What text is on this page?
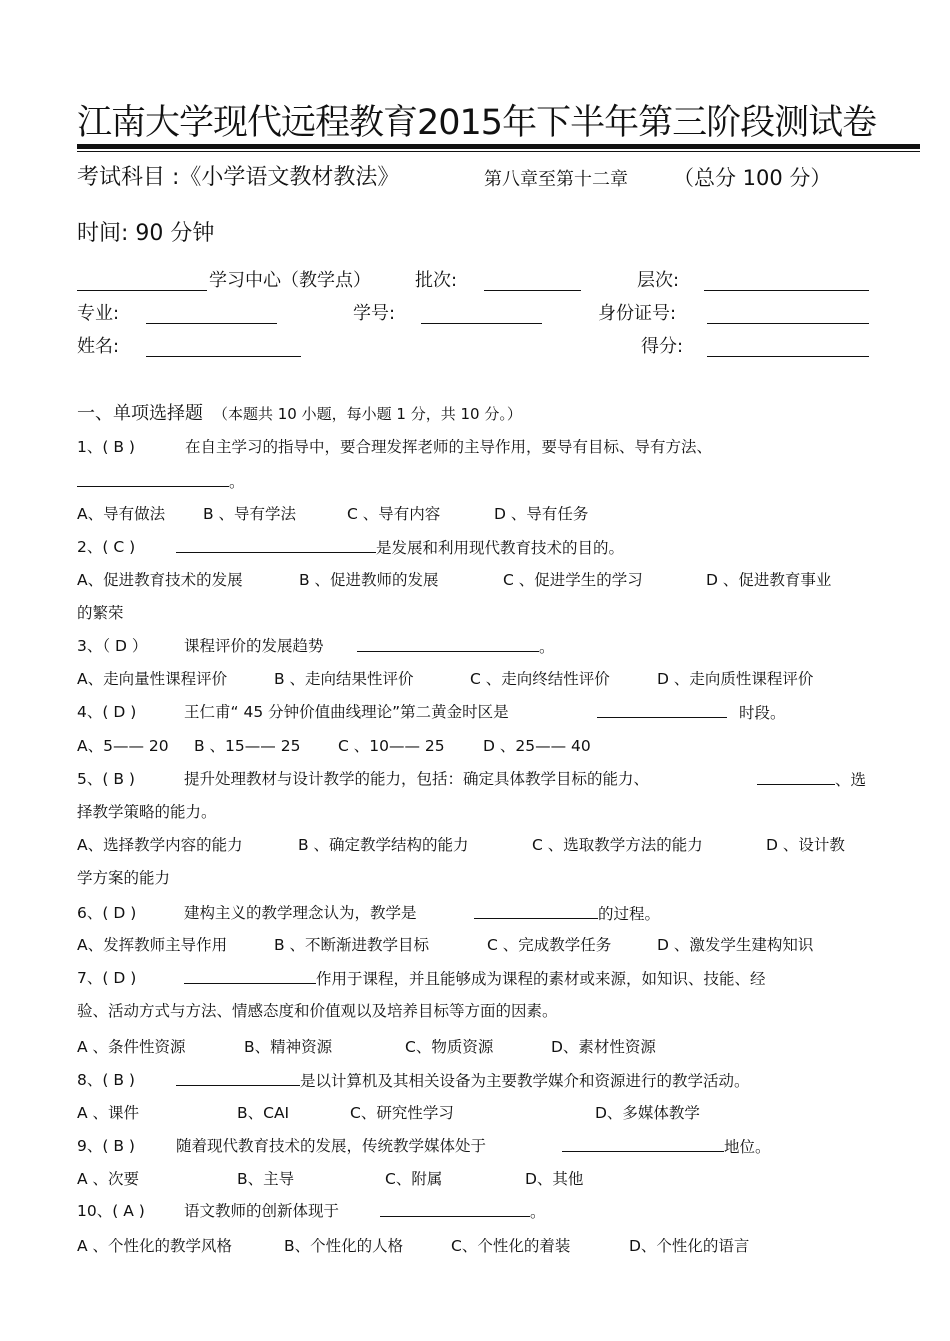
江南大学现代远程教育2015年下半年第三阶段测试卷
考试科目 :《小学语文教材教法》	第八章至第十二章 （总分 100 分）
时间: 90 分钟
学习中心（教学点） 批次:	层次:
专业:	学号:	身份证号:
姓名:	得分:
一、单项选择题 （本题共 10 小题，每小题 1 分，共 10 分。）
1、( B )	在自主学习的指导中，要合理发挥老师的主导作用，要导有目标、导有方法、
。
A、导有做法 B 、导有学法	C 、导有内容	D 、导有任务
2、( C )	是发展和利用现代教育技术的目的。
A、促进教育技术的发展	B 、促进教师的发展	C 、促进学生的学习	D 、促进教育事业
的繁荣
3、（ D ） 课程评价的发展趋势	。
A、走向量性课程评价	B 、走向结果性评价	C 、走向终结性评价	D 、走向质性课程评价
4、( D )	王仁甫“ 45 分钟价值曲线理论”第二黄金时区是	时段。
A、5—— 20 B 、15—— 25 C 、10—— 25 D 、25—— 40
5、( B )	提升处理教材与设计教学的能力，包括：确定具体教学目标的能力、	、选
择教学策略的能力。
A、选择教学内容的能力	B 、确定教学结构的能力	C 、选取教学方法的能力	D 、设计教
学方案的能力
6、( D )	建构主义的教学理念认为，教学是	的过程。
A、发挥教师主导作用	B 、不断渐进教学目标	C 、完成教学任务	D 、激发学生建构知识
7、( D )	作用于课程，并且能够成为课程的素材或来源，如知识、技能、经
验、活动方式与方法、情感态度和价值观以及培养目标等方面的因素。
A 、条件性资源	B、精神资源	C、物质资源	D、素材性资源
8、( B )	是以计算机及其相关设备为主要教学媒介和资源进行的教学活动。
A 、课件	B、CAI	C、研究性学习	D、多媒体教学
9、( B )	随着现代教育技术的发展，传统教学媒体处于	地位。
A 、次要	B、主导	C、附属	D、其他
10、( A )	语文教师的创新体现于	。
A 、个性化的教学风格	B、个性化的人格	C、个性化的着装	D、个性化的语言
